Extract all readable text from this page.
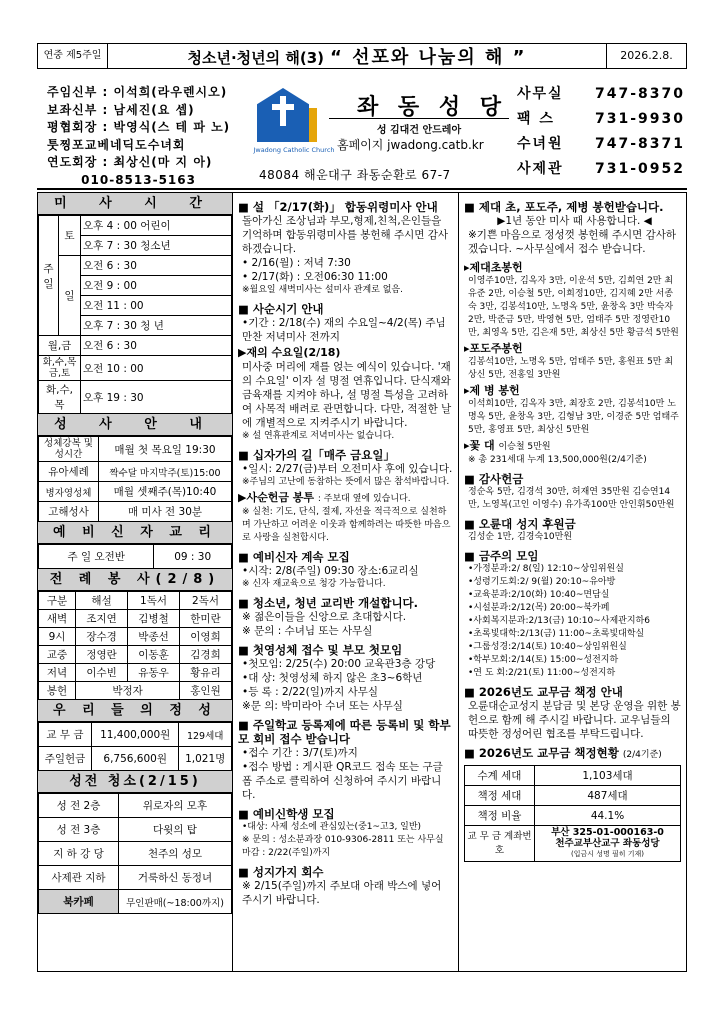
연중 제5주일	청소년·청년의 해(3) “ 선포와 나눔의 해 ”	2026.2.8.
주임신부 : 이석희(라우렌시오)
보좌신부 : 남세진(요 셉)
평협회장 : 박영식(스 테 파 노)
툿찡포교베네딕도수녀회
연도회장 : 최상신(마 지 아)
010-8513-5163
Jwadong Catholic Church
좌 동 성 당
성 김대건 안드레아
홈페이지 jwadong.catb.kr
48084 해운대구 좌동순환로 67-7
사무실	747-8370
팩 스	731-9930
수녀원	747-8371
사제관	731-0952
미 사 시 간
주일	토	오후 4 : 00 어린이
		오후 7 : 30 청소년
	일	오전 6 : 30
		오전 9 : 00
		오전 11 : 00
		오후 7 : 30 청 년
월,금		오전 6 : 30
화,수,목 금,토		오전 10 : 00
화,수,목		오후 19 : 30
성 사 안 내
성체강복 및 성시간	매월 첫 목요일 19:30
유아세례	짝수달 마지막주(토)15:00
병자영성체	매월 셋째주(목)10:40
고해성사	매 미사 전 30분
예 비 신 자 교 리
주 일 오전반	09 : 30
전 례 봉 사(2/8)
구분	해설	1독서	2독서
새벽	조지연	김병철	한미란
9시	장수경	박종선	이영희
교중	정영란	이동훈	김경희
저녁	이수빈	유동우	황유리
봉헌	박정자		홍인원
우 리 들 의 정 성
교 무 금	11,400,000원	129세대
주일헌금	6,756,600원	1,021명
성전 청소(2/15)
성 전 2층	위로자의 모후
성 전 3층	다윗의 탑
지 하 강 당	천주의 성모
사제관 지하	거룩하신 동정녀
북카페	무인판매(~18:00까지)
■ 설 「2/17(화)」 합동위령미사 안내
돌아가신 조상님과 부모,형제,친척,은인들을 기억하며 합동위령미사를 봉헌해 주시면 감사하겠습니다.
• 2/16(월) : 저녁 7:30
• 2/17(화) : 오전06:30 11:00
※월요일 새벽미사는 설미사 관계로 없음.
■ 사순시기 안내
•기간 : 2/18(수) 재의 수요일~4/2(목) 주님만찬 저녁미사 전까지
▶재의 수요일(2/18)
미사중 머리에 재를 얹는 예식이 있습니다. '재의 수요일' 이자 설 명절 연휴입니다. 단식재와 금육재를 지켜야 하나, 설 명절 특성을 고려하여 사목적 배려로 관면합니다. 다만, 적절한 날에 개별적으로 지켜주시기 바랍니다.
※ 설 연휴관계로 저녁미사는 없습니다.
■ 십자가의 길「매주 금요일」
•일시: 2/27(금)부터 오전미사 후에 있습니다.
※주님의 고난에 동참하는 뜻에서 많은 참석바랍니다.
▶사순헌금 봉투 : 주보대 옆에 있습니다.
※ 실천: 기도, 단식, 절제, 자선을 적극적으로 실천하며 가난하고 어려운 이웃과 함께하려는 따뜻한 마음으로 사랑을 실천합시다.
■ 예비신자 계속 모집
•시작: 2/8(주일) 09:30 장소:6교리실
※ 신자 재교육으로 청강 가능합니다.
■ 청소년, 청년 교리반 개설합니다.
※ 젊은이들을 신앙으로 초대합시다.
※ 문의 : 수녀님 또는 사무실
■ 첫영성체 접수 및 부모 첫모임
•첫모임: 2/25(수) 20:00 교육관3층 강당
•대 상: 첫영성체 하지 않은 초3~6학년
•등 록 : 2/22(일)까지 사무실
※문 의: 박미라아 수녀 또는 사무실
■ 주일학교 등록제에 따른 등록비 및 학부모 회비 접수 받습니다
•접수 기간 : 3/7(토)까지
•접수 방법 : 게시판 QR코드 접속 또는 구글 폼 주소로 클릭하여 신청하여 주시기 바랍니다.
■ 예비신학생 모집
•대상: 사제 성소에 관심있는(중1~고3, 일반)
※ 문의 : 성소분과장 010-9306-2811 또는 사무실
마감 : 2/22(주일)까지
■ 성지가지 회수
※ 2/15(주일)까지 주보대 아래 박스에 넣어 주시기 바랍니다.
■ 제대 초, 포도주, 제병 봉헌받습니다.
▶1년 동안 미사 때 사용합니다. ◀
※기쁜 마음으로 정성껏 봉헌해 주시면 감사하겠습니다. ~사무실에서 접수 받습니다.
▸제대초봉헌
이영주10만, 김옥자 3만, 이운석 5만, 김희연 2만 최유준 2만, 이승철 5만, 이희정10만, 김지혜 2만 서종숙 3만, 김봉석10만, 노명옥 5만, 윤창옥 3만 박숙자 2만, 박준금 5만, 박영현 5만, 엄태주 5만 정영란10만, 최영옥 5만, 김은재 5만, 최상신 5만 황금석 5만원
▸포도주봉헌
김봉석10만, 노명옥 5만, 엄태주 5만, 홍원표 5만 최상신 5만, 전홍일 3만원
▸제 병 봉헌
이석희10만, 김옥자 3만, 최장호 2만, 김봉석10만 노명옥 5만, 윤창옥 3만, 김형남 3만, 이경준 5만 엄태주 5만, 홍영표 5만, 최상신 5만원
▸꽃 대 이승철 5만원
※ 총 231세대 누계 13,500,000원(2/4기준)
■ 감사헌금
정순옥 5만, 김경석 30만, 허재연 35만원 김승연14만, 노영복(고인 이영수) 유가족100만 안인휘50만원
■ 오륜대 성지 후원금
김성순 1만, 김경숙10만원
■ 금주의 모임
•가정분과:2/ 8(일) 12:10~상임위원실
•성령기도회:2/ 9(월) 20:10~유아방
•교육분과:2/10(화) 10:40~면담실
•시설분과:2/12(목) 20:00~북카페
•사회복지분과:2/13(금) 10:10~사제관지하6
•초록빛대학:2/13(금) 11:00~초록빛대학실
•그룹성경:2/14(토) 10:40~상임위원실
•학부모회:2/14(토) 15:00~성전지하
•연 도 회:2/21(토) 11:00~성전지하
■ 2026년도 교무금 책정 안내
오륜대순교성지 분담금 및 본당 운영을 위한 봉헌으로 함께 해 주시길 바랍니다. 교우님들의 따뜻한 정성어린 협조를 부탁드립니다.
■ 2026년도 교무금 책정현황 (2/4기준)
수계 세대	1,103세대
책정 세대	487세대
책정 비율	44.1%
교 무 금 계좌번호	부산 325-01-000163-0
천주교부산교구 좌동성당
(입금시 성명 필히 기재)
